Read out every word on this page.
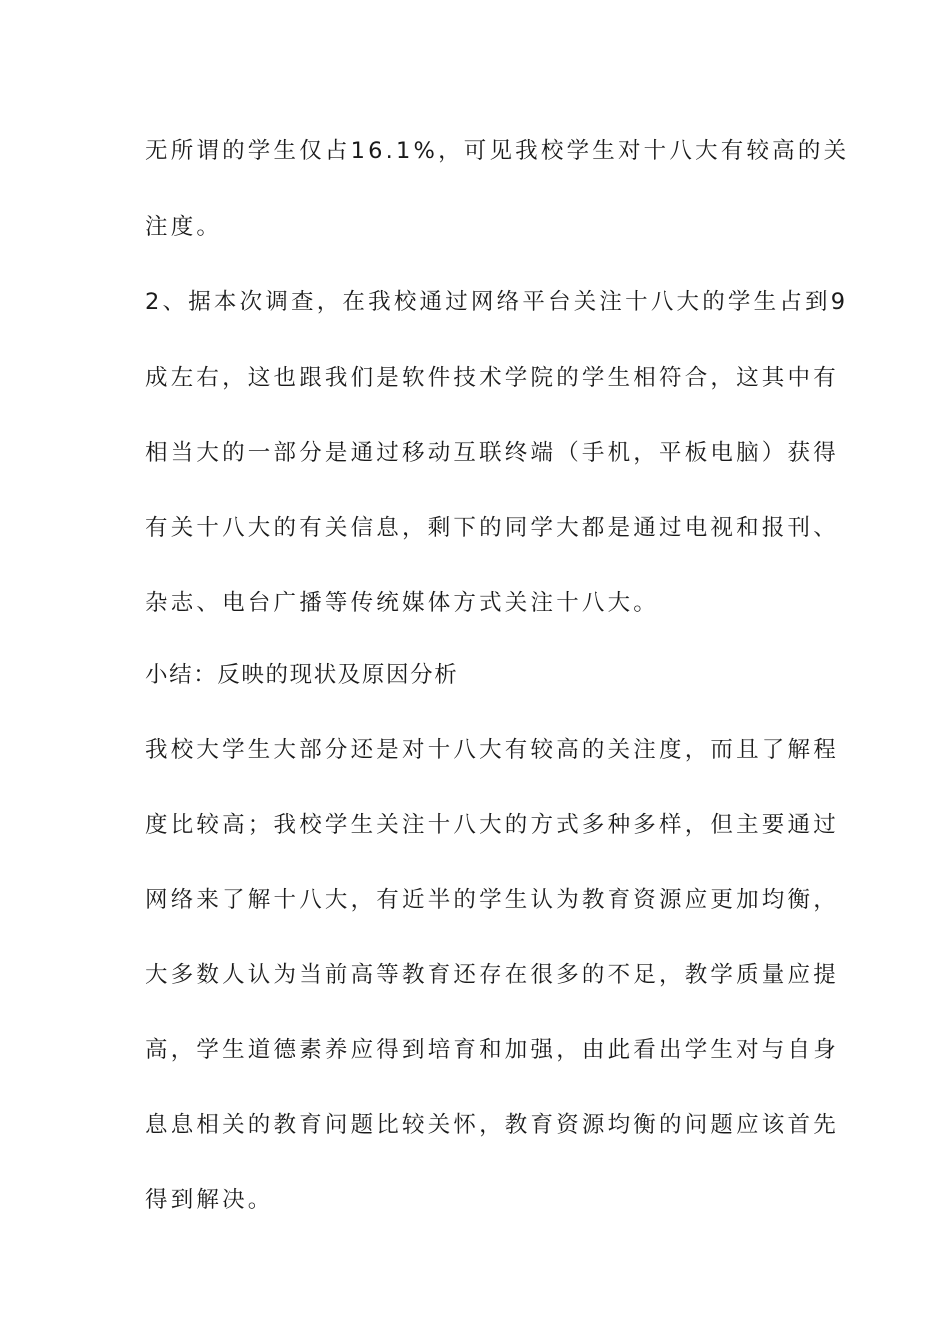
无所谓的学生仅占16.1%，可见我校学生对十八大有较高的关
注度。
2、据本次调查，在我校通过网络平台关注十八大的学生占到9
成左右，这也跟我们是软件技术学院的学生相符合，这其中有
相当大的一部分是通过移动互联终端（手机，平板电脑）获得
有关十八大的有关信息，剩下的同学大都是通过电视和报刊、
杂志、电台广播等传统媒体方式关注十八大。
小结：反映的现状及原因分析
我校大学生大部分还是对十八大有较高的关注度，而且了解程
度比较高；我校学生关注十八大的方式多种多样，但主要通过
网络来了解十八大，有近半的学生认为教育资源应更加均衡，
大多数人认为当前高等教育还存在很多的不足，教学质量应提
高，学生道德素养应得到培育和加强，由此看出学生对与自身
息息相关的教育问题比较关怀，教育资源均衡的问题应该首先
得到解决。
